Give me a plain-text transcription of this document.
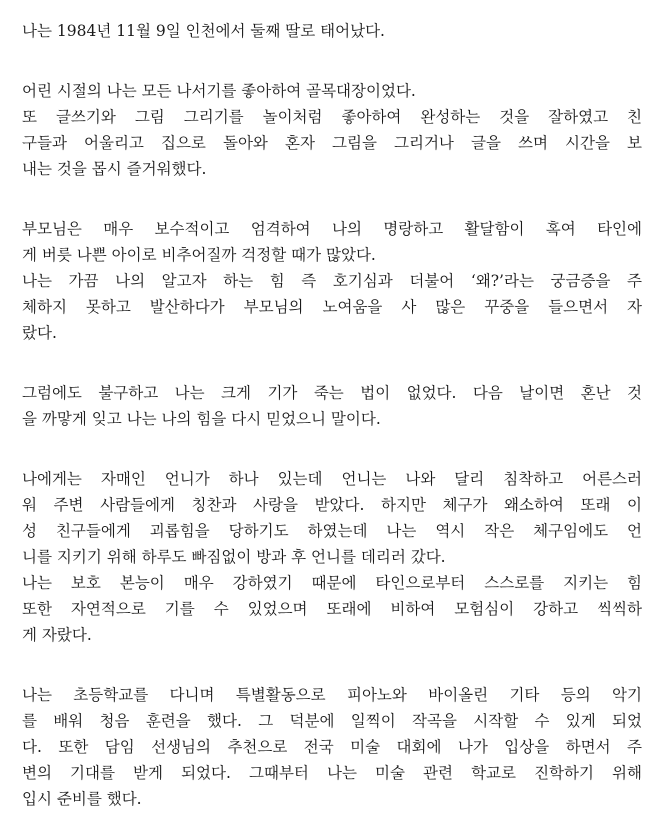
나는 1984년 11월 9일 인천에서 둘째 딸로 태어났다.
어린 시절의 나는 모든 나서기를 좋아하여 골목대장이었다.
또 글쓰기와 그림 그리기를 놀이처럼 좋아하여 완성하는 것을 잘하였고 친
구들과 어울리고 집으로 돌아와 혼자 그림을 그리거나 글을 쓰며 시간을 보
내는 것을 몹시 즐거워했다.
부모님은 매우 보수적이고 엄격하여 나의 명랑하고 활달함이 혹여 타인에
게 버릇 나쁜 아이로 비추어질까 걱정할 때가 많았다.
나는 가끔 나의 알고자 하는 힘 즉 호기심과 더불어 ‘왜?’라는 궁금증을 주
체하지 못하고 발산하다가 부모님의 노여움을 사 많은 꾸중을 들으면서 자
랐다.
그럼에도 불구하고 나는 크게 기가 죽는 법이 없었다. 다음 날이면 혼난 것
을 까맣게 잊고 나는 나의 힘을 다시 믿었으니 말이다.
나에게는 자매인 언니가 하나 있는데 언니는 나와 달리 침착하고 어른스러
워 주변 사람들에게 칭찬과 사랑을 받았다. 하지만 체구가 왜소하여 또래 이
성 친구들에게 괴롭힘을 당하기도 하였는데 나는 역시 작은 체구임에도 언
니를 지키기 위해 하루도 빠짐없이 방과 후 언니를 데리러 갔다.
나는 보호 본능이 매우 강하였기 때문에 타인으로부터 스스로를 지키는 힘
또한 자연적으로 기를 수 있었으며 또래에 비하여 모험심이 강하고 씩씩하
게 자랐다.
나는 초등학교를 다니며 특별활동으로 피아노와 바이올린 기타 등의 악기
를 배워 청음 훈련을 했다. 그 덕분에 일찍이 작곡을 시작할 수 있게 되었
다. 또한 담임 선생님의 추천으로 전국 미술 대회에 나가 입상을 하면서 주
변의 기대를 받게 되었다. 그때부터 나는 미술 관련 학교로 진학하기 위해
입시 준비를 했다.
